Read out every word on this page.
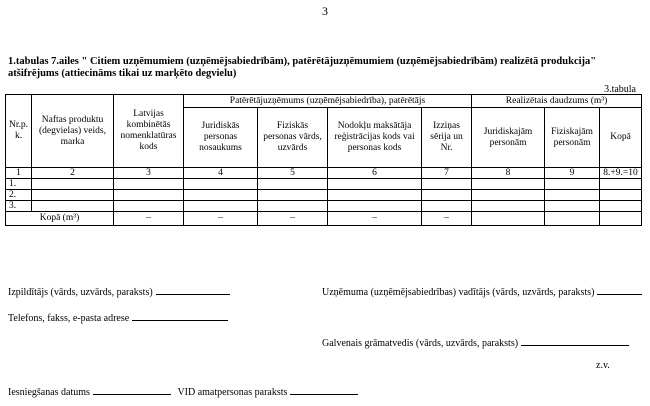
3
1.tabulas 7.ailes " Citiem uzņēmumiem (uzņēmējsabiedrībām), patērētājuzņēmumiem (uzņēmējsabiedrībām) realizētā produkcija"
atšifrējums (attiecināms tikai uz marķēto degvielu)
3.tabula
Nr.p. k.	Naftas produktu (degvielas) veids, marka	Latvijas kombinētās nomenklatūras kods	Patērētājuzņēmums (uzņēmējsabiedrība), patērētājs				Realizētais daudzums (m³)		
			Juridiskās personas nosaukums	Fiziskās personas vārds, uzvārds	Nodokļu maksātāja reģistrācijas kods vai personas kods	Izziņas sērija un Nr.	Juridiskajām personām	Fiziskajām personām	Kopā
1	2	3	4	5	6	7	8	9	8.+9.=10
1.									
2.									
3.									
Kopā (m³)		–	–	–	–	–			
Izpildītājs (vārds, uzvārds, paraksts)	Uzņēmuma (uzņēmējsabiedrības) vadītājs (vārds, uzvārds, paraksts)
Telefons, fakss, e-pasta adrese
Galvenais grāmatvedis (vārds, uzvārds, paraksts)
z.v.
Iesniegšanas datums	VID amatpersonas paraksts
